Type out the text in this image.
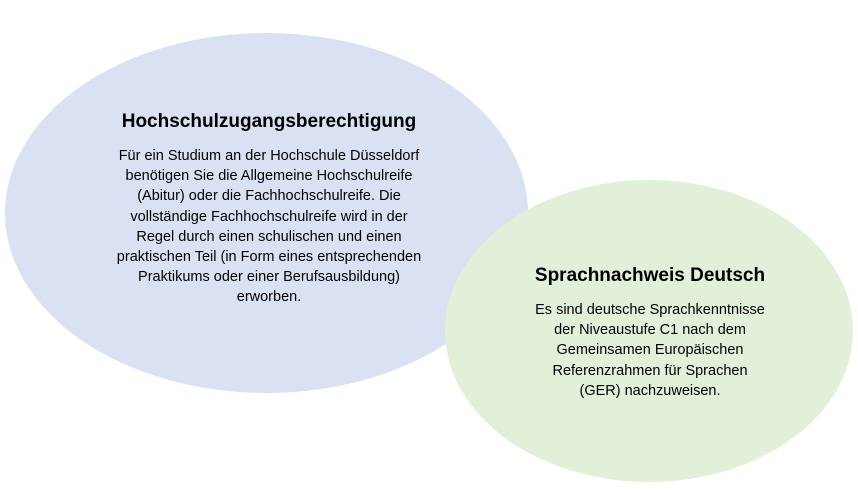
Hochschulzugangsberechtigung
Für ein Studium an der Hochschule Düsseldorf
benötigen Sie die Allgemeine Hochschulreife
(Abitur) oder die Fachhochschulreife. Die
vollständige Fachhochschulreife wird in der
Regel durch einen schulischen und einen
praktischen Teil (in Form eines entsprechenden
Praktikums oder einer Berufsausbildung)
erworben.
Sprachnachweis Deutsch
Es sind deutsche Sprachkenntnisse
der Niveaustufe C1 nach dem
Gemeinsamen Europäischen
Referenzrahmen für Sprachen
(GER) nachzuweisen.
